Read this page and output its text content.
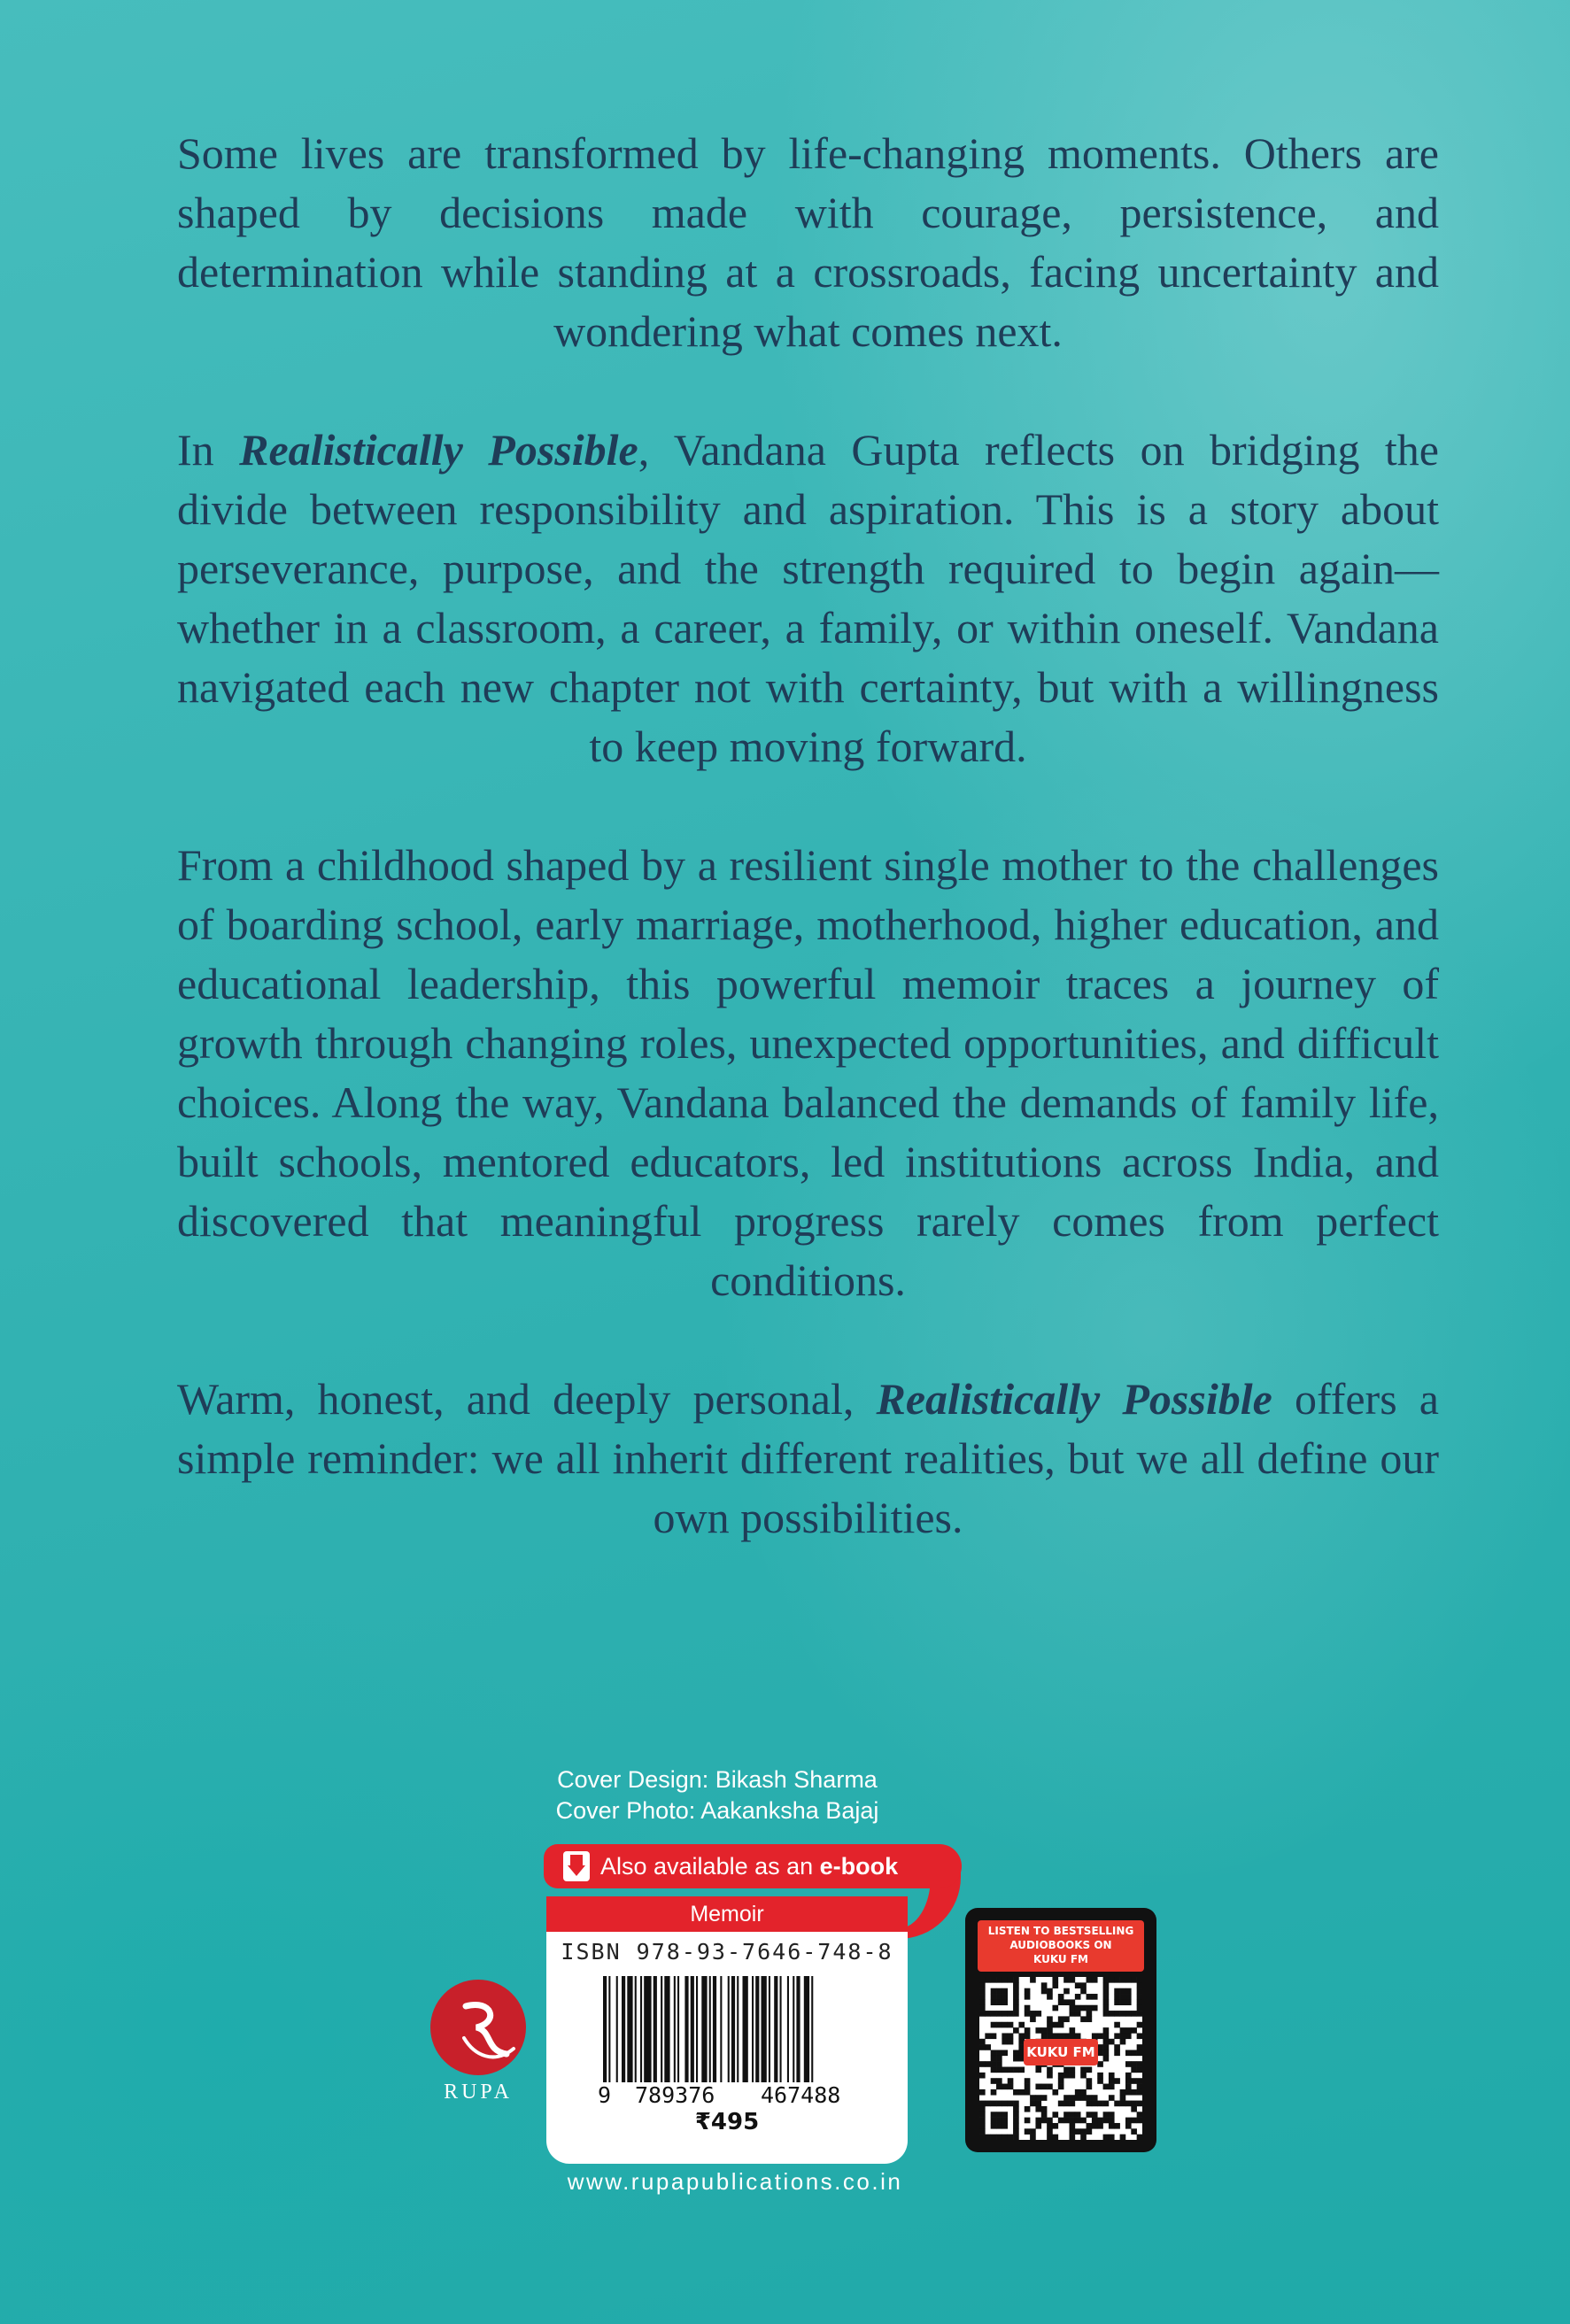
Some lives are transformed by life-changing moments. Others are shaped by decisions made with courage, persistence, and determination while standing at a crossroads, facing uncertainty and wondering what comes next.

In Realistically Possible, Vandana Gupta reflects on bridging the divide between responsibility and aspiration. This is a story about perseverance, purpose, and the strength required to begin again—whether in a classroom, a career, a family, or within oneself. Vandana navigated each new chapter not with certainty, but with a willingness to keep moving forward.

From a childhood shaped by a resilient single mother to the challenges of boarding school, early marriage, motherhood, higher education, and educational leadership, this powerful memoir traces a journey of growth through changing roles, unexpected opportunities, and difficult choices. Along the way, Vandana balanced the demands of family life, built schools, mentored educators, led institutions across India, and discovered that meaningful progress rarely comes from perfect conditions.

Warm, honest, and deeply personal, Realistically Possible offers a simple reminder: we all inherit different realities, but we all define our own possibilities.

Cover Design: Bikash Sharma
Cover Photo: Aakanksha Bajaj
Also available as an e-book
Memoir
ISBN 978-93-7646-748-8
9 789376 467488
₹495
www.rupapublications.co.in
RUPA
LISTEN TO BESTSELLING
AUDIOBOOKS ON
KUKU FM
KUKU FM
